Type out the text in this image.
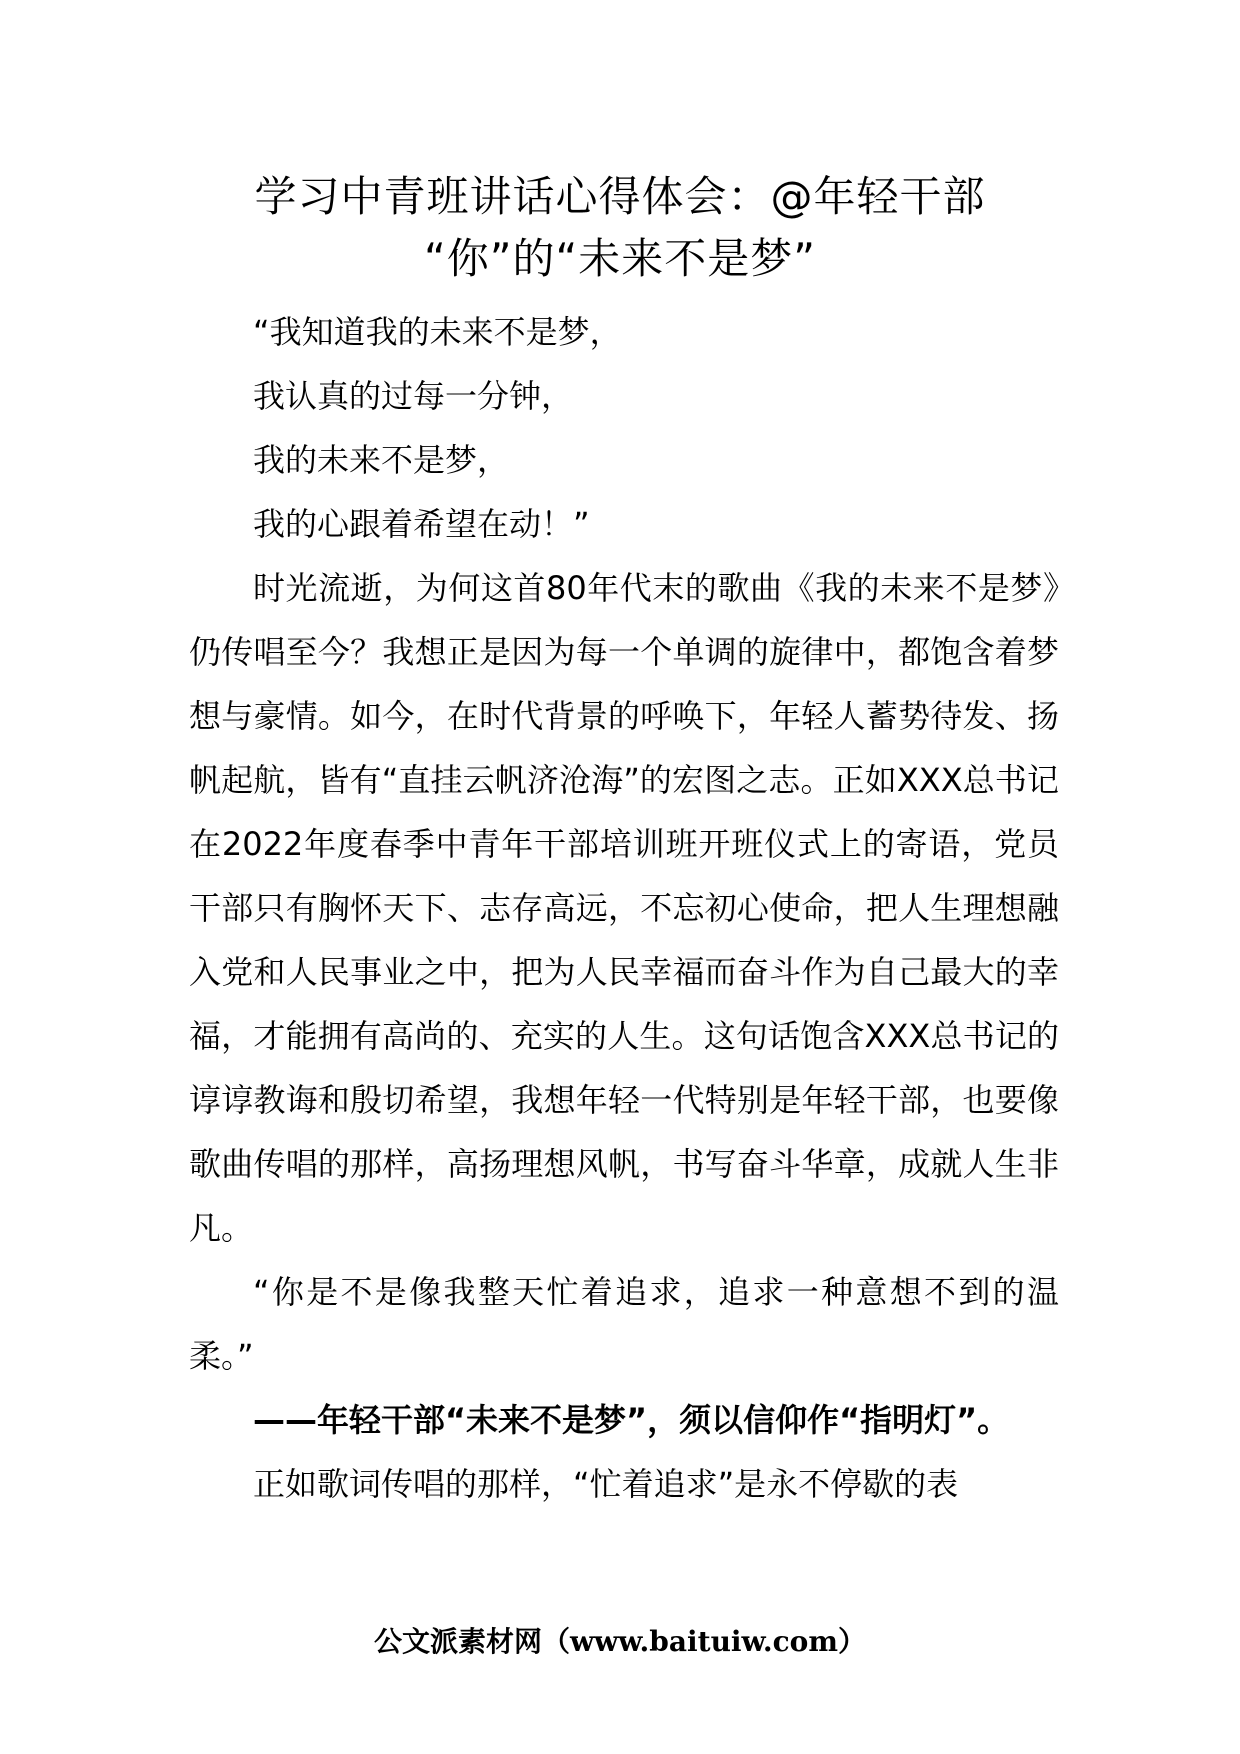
学习中青班讲话心得体会：@年轻干部
“你”的“未来不是梦”

“我知道我的未来不是梦，

我认真的过每一分钟，

我的未来不是梦，

我的心跟着希望在动！”

时光流逝，为何这首80年代末的歌曲《我的未来不是梦》仍传唱至今？我想正是因为每一个单调的旋律中，都饱含着梦想与豪情。如今，在时代背景的呼唤下，年轻人蓄势待发、扬帆起航，皆有“直挂云帆济沧海”的宏图之志。正如XXX总书记在2022年度春季中青年干部培训班开班仪式上的寄语，党员干部只有胸怀天下、志存高远，不忘初心使命，把人生理想融入党和人民事业之中，把为人民幸福而奋斗作为自己最大的幸福，才能拥有高尚的、充实的人生。这句话饱含XXX总书记的谆谆教诲和殷切希望，我想年轻一代特别是年轻干部，也要像歌曲传唱的那样，高扬理想风帆，书写奋斗华章，成就人生非凡。

“你是不是像我整天忙着追求，追求一种意想不到的温柔。”

——年轻干部“未来不是梦”，须以信仰作“指明灯”。

正如歌词传唱的那样，“忙着追求”是永不停歇的表

公文派素材网（www.baituiw.com）
